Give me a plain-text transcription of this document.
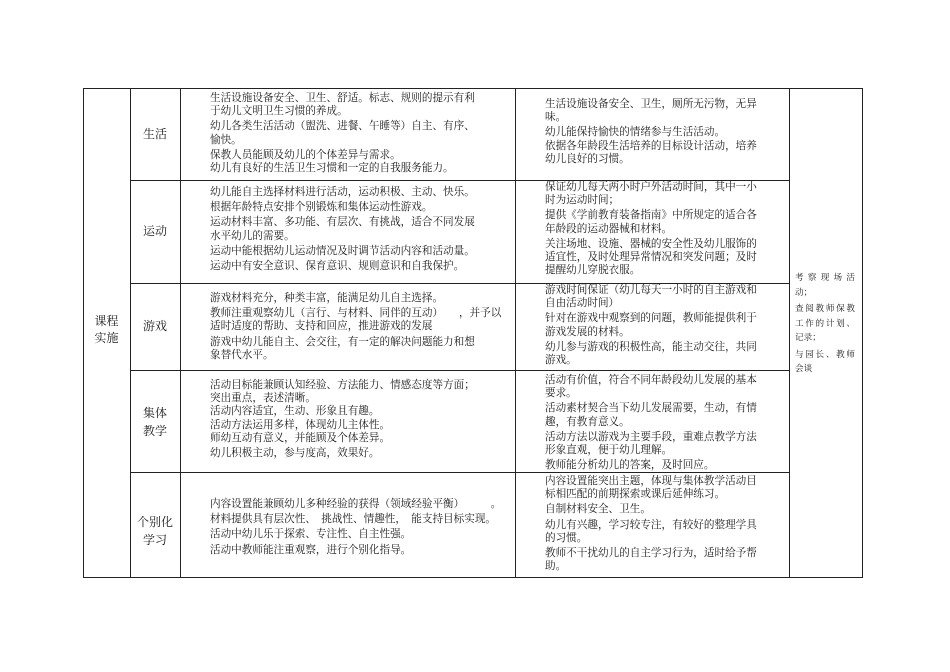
课程
实施
生活

生活设施设备安全、卫生、舒适。标志、规则的提示有利

于幼儿文明卫生习惯的养成。

幼儿各类生活活动（盥洗、进餐、午睡等）自主、有序、

愉快。

保教人员能顾及幼儿的个体差异与需求。

幼儿有良好的生活卫生习惯和一定的自我服务能力。

生活设施设备安全、卫生，厕所无污物，无异

味。

幼儿能保持愉快的情绪参与生活活动。

依据各年龄段生活培养的目标设计活动，培养

幼儿良好的习惯。

运动

幼儿能自主选择材料进行活动，运动积极、主动、快乐。

根据年龄特点安排个别锻炼和集体运动性游戏。

运动材料丰富、多功能、有层次、有挑战，适合不同发展

水平幼儿的需要。

运动中能根据幼儿运动情况及时调节活动内容和活动量。

运动中有安全意识、保育意识、规则意识和自我保护。

保证幼儿每天两小时户外活动时间，其中一小

时为运动时间；

提供《学前教育装备指南》中所规定的适合各

年龄段的运动器械和材料。

关注场地、设施、器械的安全性及幼儿服饰的

适宜性，及时处理异常情况和突发问题；及时

提醒幼儿穿脱衣服。

游戏

游戏材料充分，种类丰富，能满足幼儿自主选择。

教师注重观察幼儿（言行、与材料、同伴的互动）　　，并予以

适时适度的帮助、支持和回应，推进游戏的发展

游戏中幼儿能自主、会交往，有一定的解决问题能力和想

象替代水平。

游戏时间保证（幼儿每天一小时的自主游戏和

自由活动时间）

针对在游戏中观察到的问题，教师能提供利于

游戏发展的材料。

幼儿参与游戏的积极性高，能主动交往，共同

游戏。

集体
教学

活动目标能兼顾认知经验、方法能力、情感态度等方面；

突出重点，表述清晰。

活动内容适宜，生动、形象且有趣。

活动方法运用多样，体现幼儿主体性。

师幼互动有意义，并能顾及个体差异。

幼儿积极主动，参与度高，效果好。

活动有价值，符合不同年龄段幼儿发展的基本

要求。

活动素材契合当下幼儿发展需要，生动，有情

趣，有教育意义。

活动方法以游戏为主要手段，重难点教学方法

形象直观，便于幼儿理解。

教师能分析幼儿的答案，及时回应。

个别化
学习

内容设置能兼顾幼儿多种经验的获得（领域经验平衡）　　　。

材料提供具有层次性、　挑战性、情趣性，　能支持目标实现。

活动中幼儿乐于探索、专注性、自主性强。

活动中教师能注重观察，进行个别化指导。

内容设置能突出主题，体现与集体教学活动目

标相匹配的前期探索或课后延伸练习。

自制材料安全、卫生。

幼儿有兴趣，学习较专注，有较好的整理学具

的习惯。

教师不干扰幼儿的自主学习行为，适时给予帮

助。

考察现场活动；

查阅教师保教工作的计划、记录；

与园长、教师会谈
